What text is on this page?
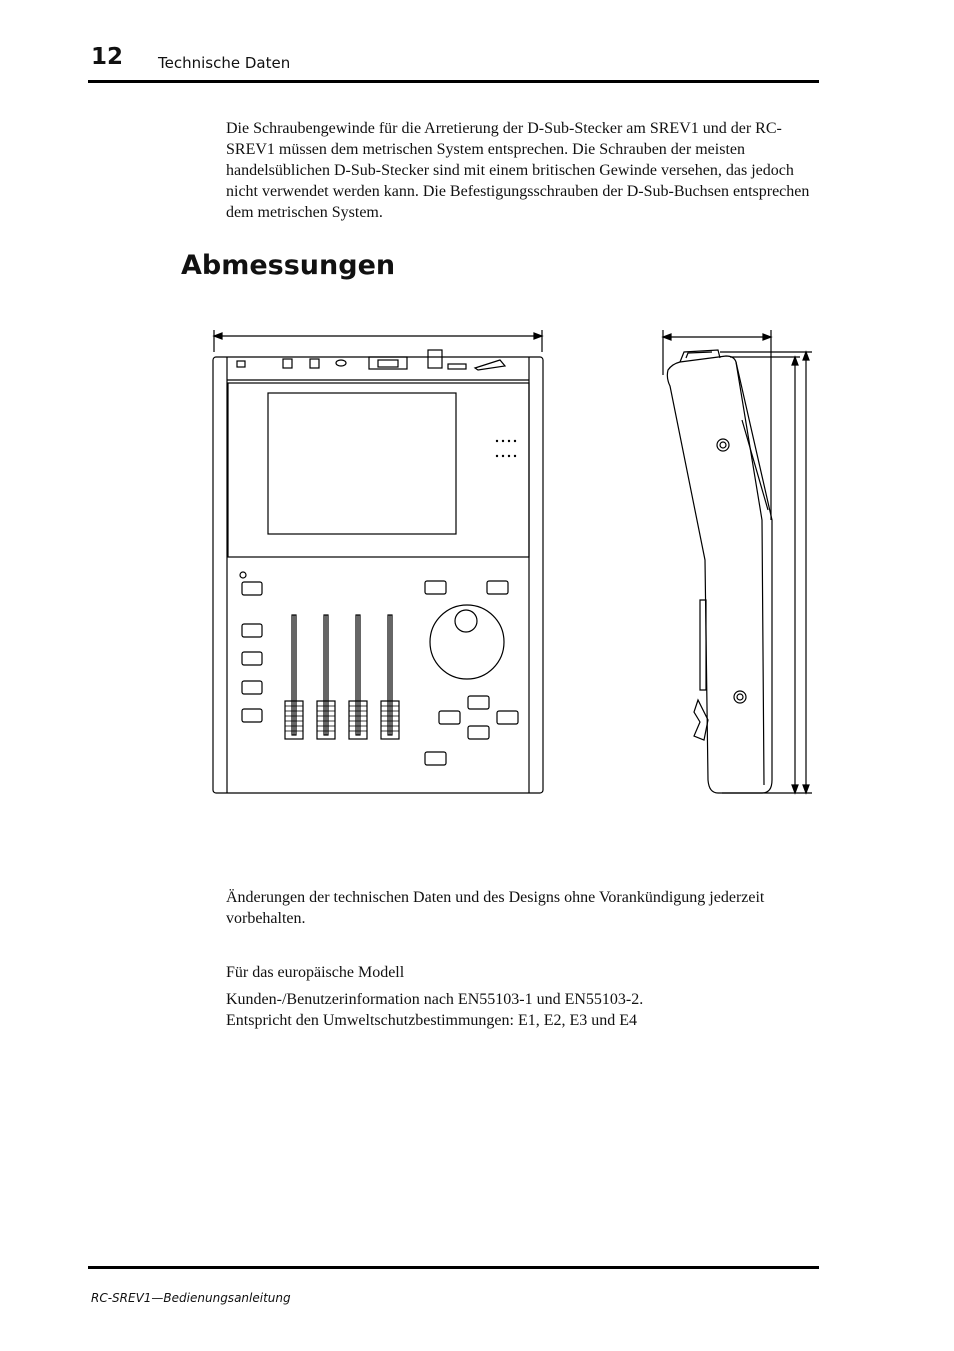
12 Technische Daten

Die Schraubengewinde für die Arretierung der D-Sub-Stecker am SREV1 und der RC-SREV1 müssen dem metrischen System entsprechen. Die Schrauben der meisten handelsüblichen D-Sub-Stecker sind mit einem britischen Gewinde versehen, das jedoch nicht verwendet werden kann. Die Befestigungsschrauben der D-Sub-Buchsen entsprechen dem metrischen System.

Abmessungen

Änderungen der technischen Daten und des Designs ohne Vorankündigung jederzeit vorbehalten.

Für das europäische Modell

Kunden-/Benutzerinformation nach EN55103-1 und EN55103-2.
Entspricht den Umweltschutzbestimmungen: E1, E2, E3 und E4
RC-SREV1—Bedienungsanleitung
